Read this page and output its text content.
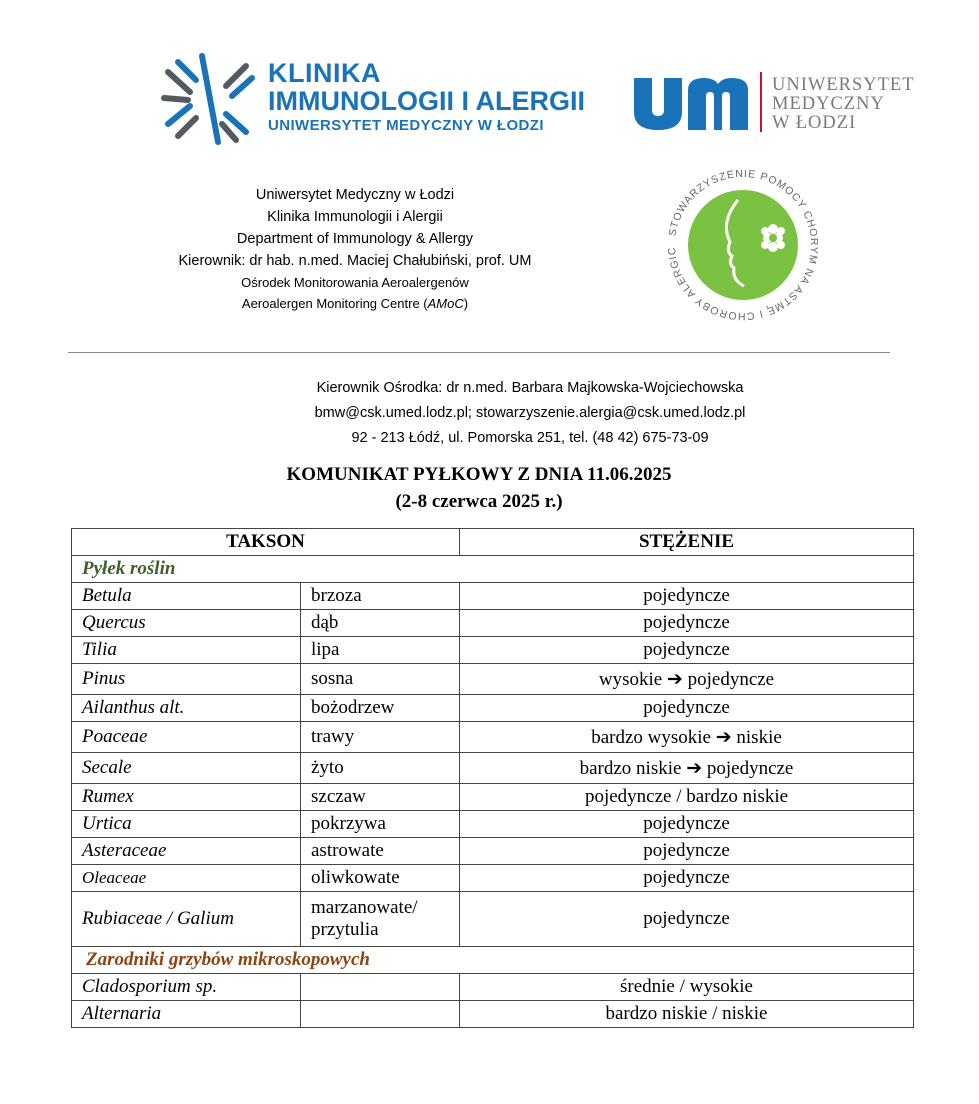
KLINIKA
IMMUNOLOGII I ALERGII
UNIWERSYTET MEDYCZNY W ŁODZI
UNIWERSYTET
MEDYCZNY
W ŁODZI
TOWARZYSZENIE POMOCY CH M NA ASTMĘ I CHOROBY ALERGI
Uniwersytet Medyczny w Łodzi
Klinika Immunologii i Alergii
Department of Immunology & Allergy
Kierownik: dr hab. n.med. Maciej Chałubiński, prof. UM
Ośrodek Monitorowania Aeroalergenów
Aeroalergen Monitoring Centre (AMoC)
Kierownik Ośrodka: dr n.med. Barbara Majkowska-Wojciechowska
bmw@csk.umed.lodz.pl; stowarzyszenie.alergia@csk.umed.lodz.pl
92 - 213 Łódź, ul. Pomorska 251, tel. (48 42) 675-73-09
KOMUNIKAT PYŁKOWY Z DNIA 11.06.2025
(2-8 czerwca 2025 r.)
TAKSON		STĘŻENIE
Pyłek roślin		
Betula	brzoza	pojedyncze
Quercus	dąb	pojedyncze
Tilia	lipa	pojedyncze
Pinus	sosna	wysokie ➔ pojedyncze
Ailanthus alt.	bożodrzew	pojedyncze
Poaceae	trawy	bardzo wysokie ➔ niskie
Secale	żyto	bardzo niskie ➔ pojedyncze
Rumex	szczaw	pojedyncze / bardzo niskie
Urtica	pokrzywa	pojedyncze
Asteraceae	astrowate	pojedyncze
Oleaceae	oliwkowate	pojedyncze
Rubiaceae / Galium	marzanowate/ przytulia	pojedyncze
Zarodniki grzybów mikroskopowych		
Cladosporium sp.		średnie / wysokie
Alternaria		bardzo niskie / niskie
